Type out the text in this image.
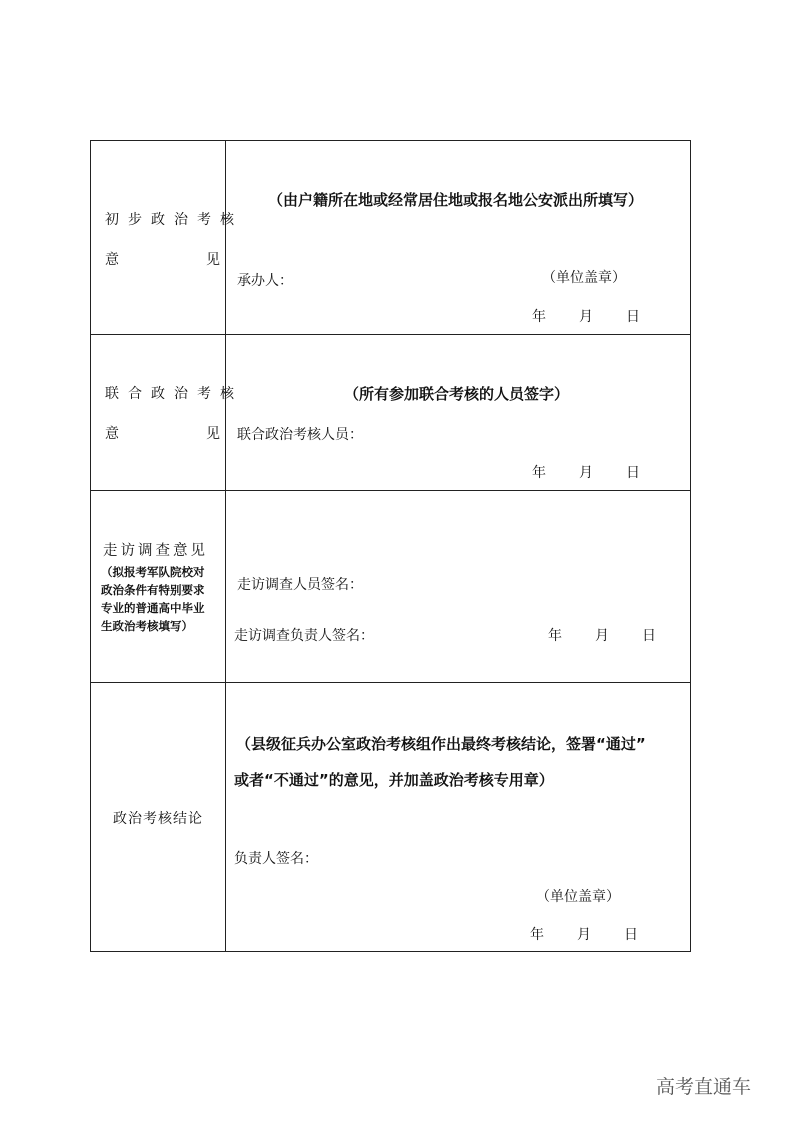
初步政治考核
意	见
（由户籍所在地或经常居住地或报名地公安派出所填写）
承办人：	（单位盖章）
年 月 日
联合政治考核
意	见
（所有参加联合考核的人员签字）
联合政治考核人员：
年 月 日
走访调查意见
（拟报考军队院校对
政治条件有特别要求
专业的普通高中毕业
生政治考核填写）
走访调查人员签名：
走访调查负责人签名：	年 月 日
政治考核结论
（县级征兵办公室政治考核组作出最终考核结论，签署“通过”
或者“不通过”的意见，并加盖政治考核专用章）
负责人签名：
（单位盖章）
年 月 日
高考直通车
